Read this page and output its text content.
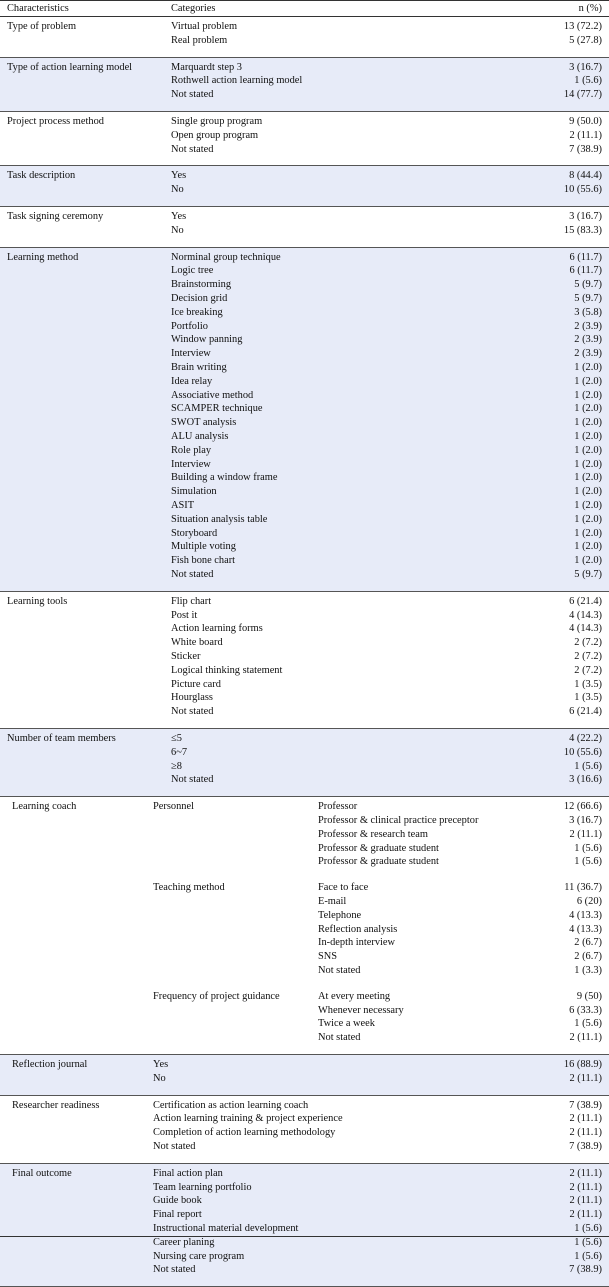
Characteristics	Categories	n (%)
Type of problem	Virtual problem	13 (72.2)
Real problem	5 (27.8)
Type of action learning model	Marquardt step 3	3 (16.7)
Rothwell action learning model	1 (5.6)
Not stated	14 (77.7)
Project process method	Single group program	9 (50.0)
Open group program	2 (11.1)
Not stated	7 (38.9)
Task description	Yes	8 (44.4)
No	10 (55.6)
Task signing ceremony	Yes	3 (16.7)
No	15 (83.3)
Learning method	Norminal group technique	6 (11.7)
Logic tree	6 (11.7)
Brainstorming	5 (9.7)
Decision grid	5 (9.7)
Ice breaking	3 (5.8)
Portfolio	2 (3.9)
Window panning	2 (3.9)
Interview	2 (3.9)
Brain writing	1 (2.0)
Idea relay	1 (2.0)
Associative method	1 (2.0)
SCAMPER technique	1 (2.0)
SWOT analysis	1 (2.0)
ALU analysis	1 (2.0)
Role play	1 (2.0)
Interview	1 (2.0)
Building a window frame	1 (2.0)
Simulation	1 (2.0)
ASIT	1 (2.0)
Situation analysis table	1 (2.0)
Storyboard	1 (2.0)
Multiple voting	1 (2.0)
Fish bone chart	1 (2.0)
Not stated	5 (9.7)
Learning tools	Flip chart	6 (21.4)
Post it	4 (14.3)
Action learning forms	4 (14.3)
White board	2 (7.2)
Sticker	2 (7.2)
Logical thinking statement	2 (7.2)
Picture card	1 (3.5)
Hourglass	1 (3.5)
Not stated	6 (21.4)
Number of team members	≤5	4 (22.2)
6~7	10 (55.6)
≥8	1 (5.6)
Not stated	3 (16.6)
Learning coach	Personnel	Professor	12 (66.6)
Professor & clinical practice preceptor	3 (16.7)
Professor & research team	2 (11.1)
Professor & graduate student	1 (5.6)
Professor & graduate student	1 (5.6)
Teaching method	Face to face	11 (36.7)
E-mail	6 (20)
Telephone	4 (13.3)
Reflection analysis	4 (13.3)
In-depth interview	2 (6.7)
SNS	2 (6.7)
Not stated	1 (3.3)
Frequency of project guidance	At every meeting	9 (50)
Whenever necessary	6 (33.3)
Twice a week	1 (5.6)
Not stated	2 (11.1)
Reflection journal	Yes	16 (88.9)
No	2 (11.1)
Researcher readiness	Certification as action learning coach	7 (38.9)
Action learning training & project experience	2 (11.1)
Completion of action learning methodology	2 (11.1)
Not stated	7 (38.9)
Final outcome	Final action plan	2 (11.1)
Team learning portfolio	2 (11.1)
Guide book	2 (11.1)
Final report	2 (11.1)
Instructional material development	1 (5.6)
Career planing	1 (5.6)
Nursing care program	1 (5.6)
Not stated	7 (38.9)
